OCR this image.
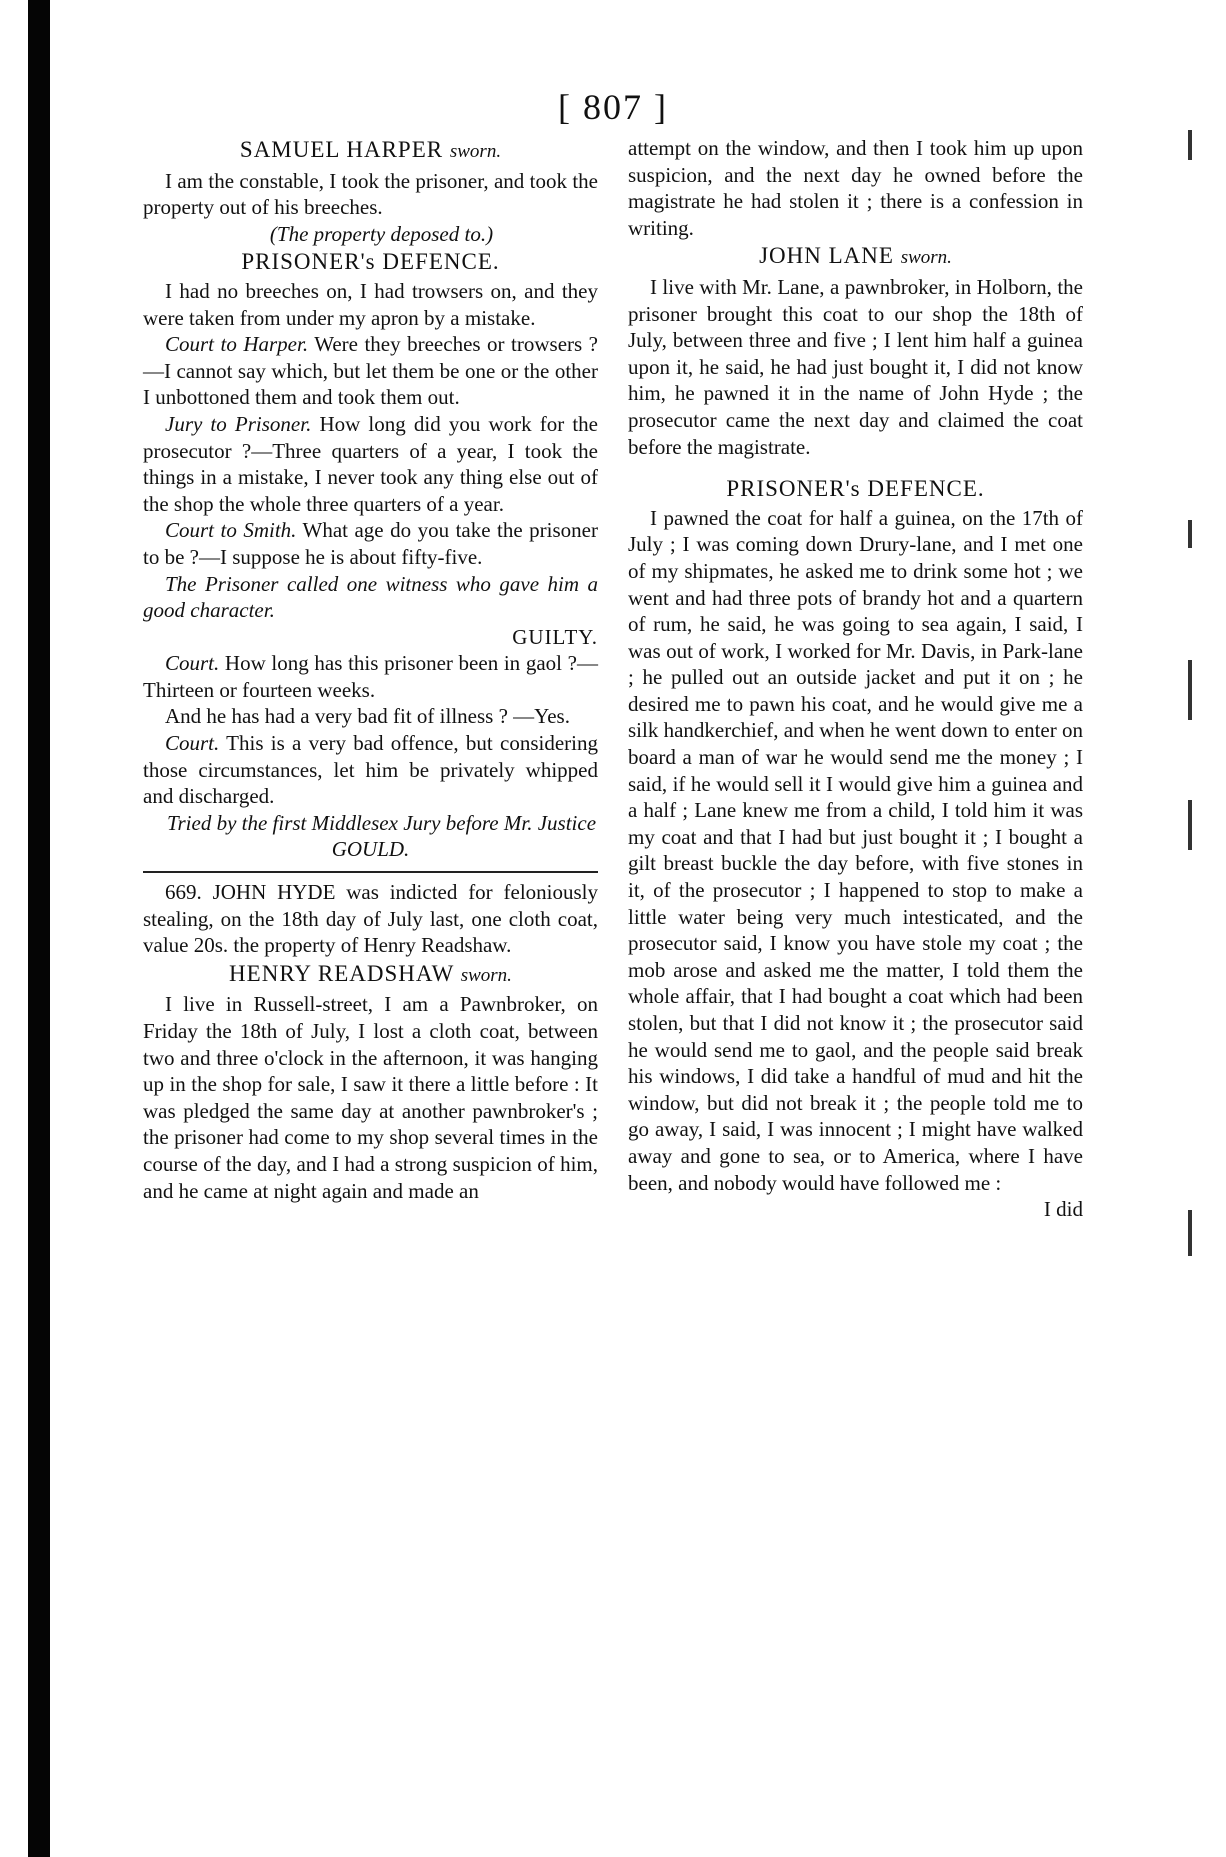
[ 807 ]
SAMUEL HARPER sworn.

I am the constable, I took the prisoner, and took the property out of his breeches.

(The property deposed to.)

PRISONER's DEFENCE.

I had no breeches on, I had trowsers on, and they were taken from under my apron by a mistake.

Court to Harper. Were they breeches or trowsers ?—I cannot say which, but let them be one or the other I unbottoned them and took them out.

Jury to Prisoner. How long did you work for the prosecutor ?—Three quarters of a year, I took the things in a mistake, I never took any thing else out of the shop the whole three quarters of a year.

Court to Smith. What age do you take the prisoner to be ?—I suppose he is about fifty-five.

The Prisoner called one witness who gave him a good character.

GUILTY.

Court. How long has this prisoner been in gaol ?—Thirteen or fourteen weeks.

And he has had a very bad fit of illness ? —Yes.

Court. This is a very bad offence, but considering those circumstances, let him be privately whipped and discharged.

Tried by the first Middlesex Jury before Mr. Justice GOULD.

669. JOHN HYDE was indicted for feloniously stealing, on the 18th day of July last, one cloth coat, value 20s. the property of Henry Readshaw.

HENRY READSHAW sworn.

I live in Russell-street, I am a Pawnbroker, on Friday the 18th of July, I lost a cloth coat, between two and three o'clock in the afternoon, it was hanging up in the shop for sale, I saw it there a little before : It was pledged the same day at another pawnbroker's ; the prisoner had come to my shop several times in the course of the day, and I had a strong suspicion of him, and he came at night again and made an

attempt on the window, and then I took him up upon suspicion, and the next day he owned before the magistrate he had stolen it ; there is a confession in writing.

JOHN LANE sworn.

I live with Mr. Lane, a pawnbroker, in Holborn, the prisoner brought this coat to our shop the 18th of July, between three and five ; I lent him half a guinea upon it, he said, he had just bought it, I did not know him, he pawned it in the name of John Hyde ; the prosecutor came the next day and claimed the coat before the magistrate.

PRISONER's DEFENCE.

I pawned the coat for half a guinea, on the 17th of July ; I was coming down Drury-lane, and I met one of my shipmates, he asked me to drink some hot ; we went and had three pots of brandy hot and a quartern of rum, he said, he was going to sea again, I said, I was out of work, I worked for Mr. Davis, in Park-lane ; he pulled out an outside jacket and put it on ; he desired me to pawn his coat, and he would give me a silk handkerchief, and when he went down to enter on board a man of war he would send me the money ; I said, if he would sell it I would give him a guinea and a half ; Lane knew me from a child, I told him it was my coat and that I had but just bought it ; I bought a gilt breast buckle the day before, with five stones in it, of the prosecutor ; I happened to stop to make a little water being very much intesticated, and the prosecutor said, I know you have stole my coat ; the mob arose and asked me the matter, I told them the whole affair, that I had bought a coat which had been stolen, but that I did not know it ; the prosecutor said he would send me to gaol, and the people said break his windows, I did take a handful of mud and hit the window, but did not break it ; the people told me to go away, I said, I was innocent ; I might have walked away and gone to sea, or to America, where I have been, and nobody would have followed me :

I did
